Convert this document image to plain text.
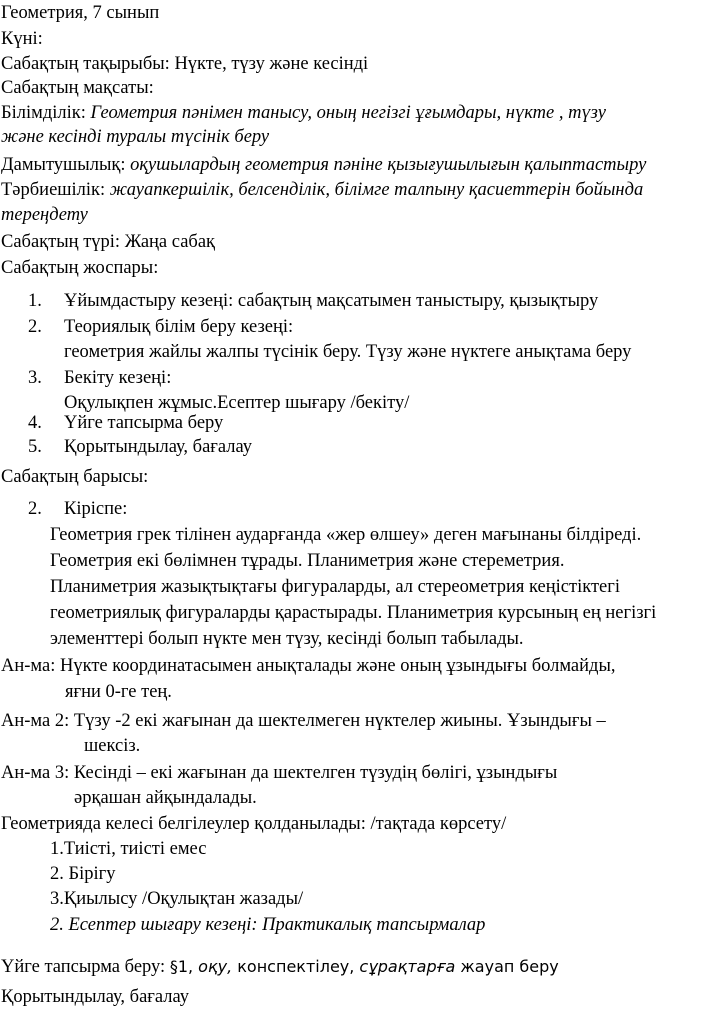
Геометрия, 7 сынып
Күні:
Сабақтың тақырыбы: Нүкте, түзу және кесінді
Сабақтың мақсаты:
Білімділік: Геометрия пәнімен танысу, оның негізгі ұғымдары, нүкте , түзу
және кесінді туралы түсінік беру
Дамытушылық: оқушылардың геометрия пәніне қызығушылығын қалыптастыру
Тәрбиешілік: жауапкершілік, белсенділік, білімге талпыну қасиеттерін бойында
тереңдету
Сабақтың түрі: Жаңа сабақ
Сабақтың жоспары:
1. Ұйымдастыру кезеңі: сабақтың мақсатымен таныстыру, қызықтыру
2. Теориялық білім беру кезеңі:
геометрия жайлы жалпы түсінік беру. Түзу және нүктеге анықтама беру
3. Бекіту кезеңі:
Оқулықпен жұмыс.Есептер шығару /бекіту/
4. Үйге тапсырма беру
5. Қорытындылау, бағалау
Сабақтың барысы:
2. Кіріспе:
Геометрия грек тілінен аударғанда «жер өлшеу» деген мағынаны білдіреді.
Геометрия екі бөлімнен тұрады. Планиметрия және стереметрия.
Планиметрия жазықтықтағы фигураларды, ал стереометрия кеңістіктегі
геометриялық фигураларды қарастырады. Планиметрия курсының ең негізгі
элементтері болып нүкте мен түзу, кесінді болып табылады.
Ан-ма: Нүкте координатасымен анықталады және оның ұзындығы болмайды,
яғни 0-ге тең.
Ан-ма 2: Түзу -2 екі жағынан да шектелмеген нүктелер жиыны. Ұзындығы –
шексіз.
Ан-ма 3: Кесінді – екі жағынан да шектелген түзудің бөлігі, ұзындығы
әрқашан айқындалады.
Геометрияда келесі белгілеулер қолданылады: /тақтада көрсету/
1.Тиісті, тиісті емес
2. Бірігу
3.Қиылысу /Оқулықтан жазады/
2. Есептер шығару кезеңі: Практикалық тапсырмалар
Үйге тапсырма беру: §1, оқу, конспектілеу, сұрақтарға жауап беру
Қорытындылау, бағалау
